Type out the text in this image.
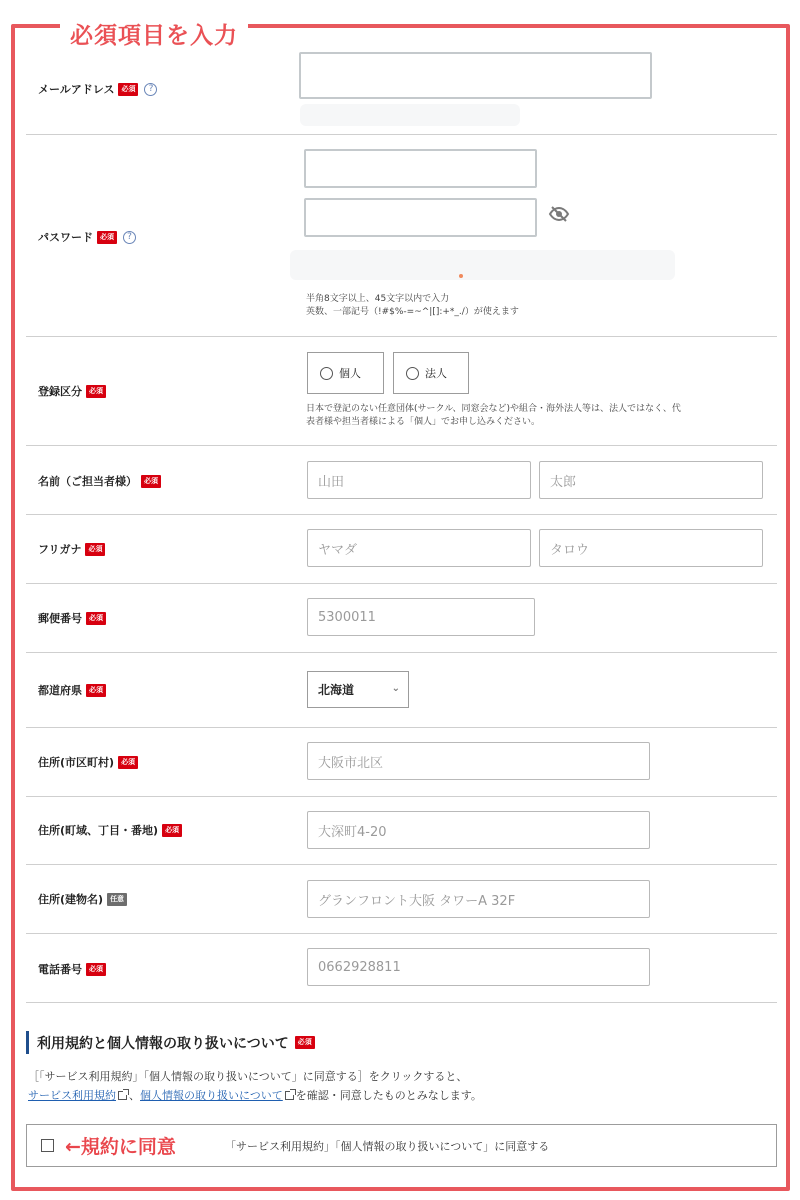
必須項目を入力
メールアドレス	必須	?
パスワード	必須	?
半角8文字以上、45文字以内で入力
英数、一部記号（!#$%-=~^|[]:+*_./）が使えます
登録区分	必須
個人	法人
日本で登記のない任意団体(サークル、同窓会など)や組合・海外法人等は、法人ではなく、代
表者様や担当者様による「個人」でお申し込みください。
名前（ご担当者様）	必須	山田	太郎
フリガナ	必須	ヤマダ	タロウ
郵便番号	必須	5300011
都道府県	必須	北海道	⌄
住所(市区町村)	必須	大阪市北区
住所(町域、丁目・番地)	必須	大深町4-20
住所(建物名)	任意	グランフロント大阪 タワーA 32F
電話番号	必須	0662928811
利用規約と個人情報の取り扱いについて	必須
［「サービス利用規約」「個人情報の取り扱いについて」に同意する］をクリックすると、
サービス利用規約 、個人情報の取り扱いについて を確認・同意したものとみなします。
←規約に同意	「サービス利用規約」「個人情報の取り扱いについて」に同意する
